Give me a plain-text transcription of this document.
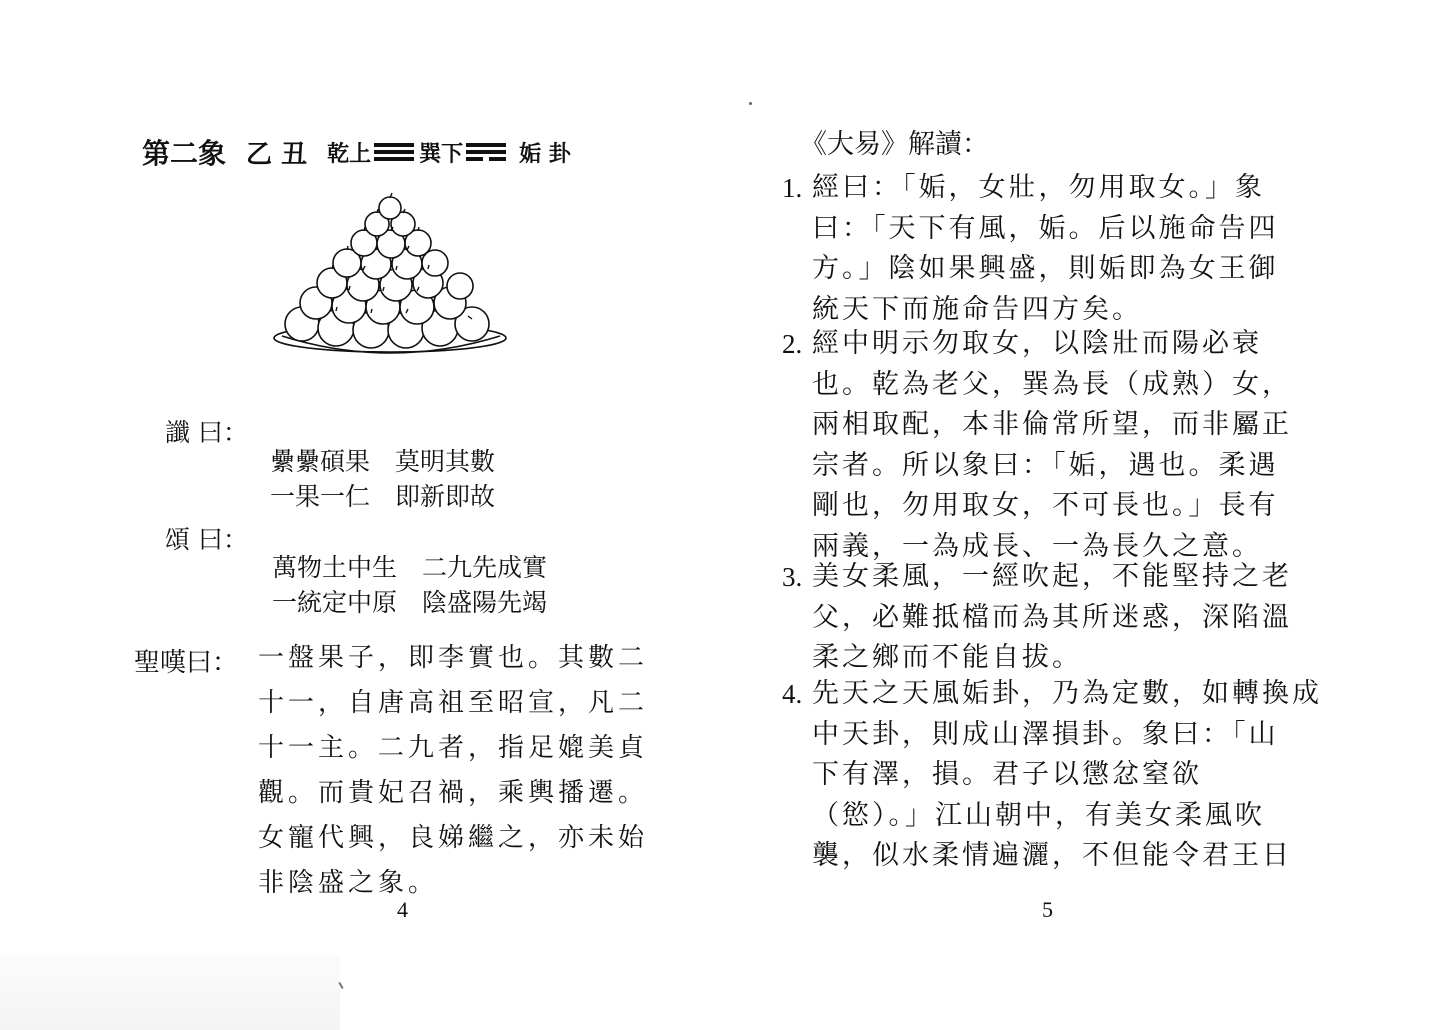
第二象 乙 丑 乾上 巽下	姤 卦
讖 曰：
纍纍碩果　莫明其數
一果一仁　即新即故
頌 曰：
萬物土中生　二九先成實
一統定中原　陰盛陽先竭
聖嘆曰： 一盤果子，即李實也。其數二
十一，自唐高祖至昭宣，凡二
十一主。二九者，指足媲美貞
觀。而貴妃召禍，乘輿播遷。
女寵代興，良娣繼之，亦未始
非陰盛之象。
4
《大易》解讀：
1. 經曰：「姤，女壯，勿用取女。」象
曰：「天下有風，姤。后以施命告四
方。」陰如果興盛，則姤即為女王御
統天下而施命告四方矣。
2. 經中明示勿取女，以陰壯而陽必衰
也。乾為老父，巽為長（成熟）女，
兩相取配，本非倫常所望，而非屬正
宗者。所以象曰：「姤，遇也。柔遇
剛也，勿用取女，不可長也。」長有
兩義，一為成長、一為長久之意。
3. 美女柔風，一經吹起，不能堅持之老
父，必難抵檔而為其所迷惑，深陷溫
柔之鄉而不能自拔。
4. 先天之天風姤卦，乃為定數，如轉換成
中天卦，則成山澤損卦。象曰：「山
下有澤，損。君子以懲忿窒欲
（慾）。」江山朝中，有美女柔風吹
襲，似水柔情遍灑，不但能令君王日
5
